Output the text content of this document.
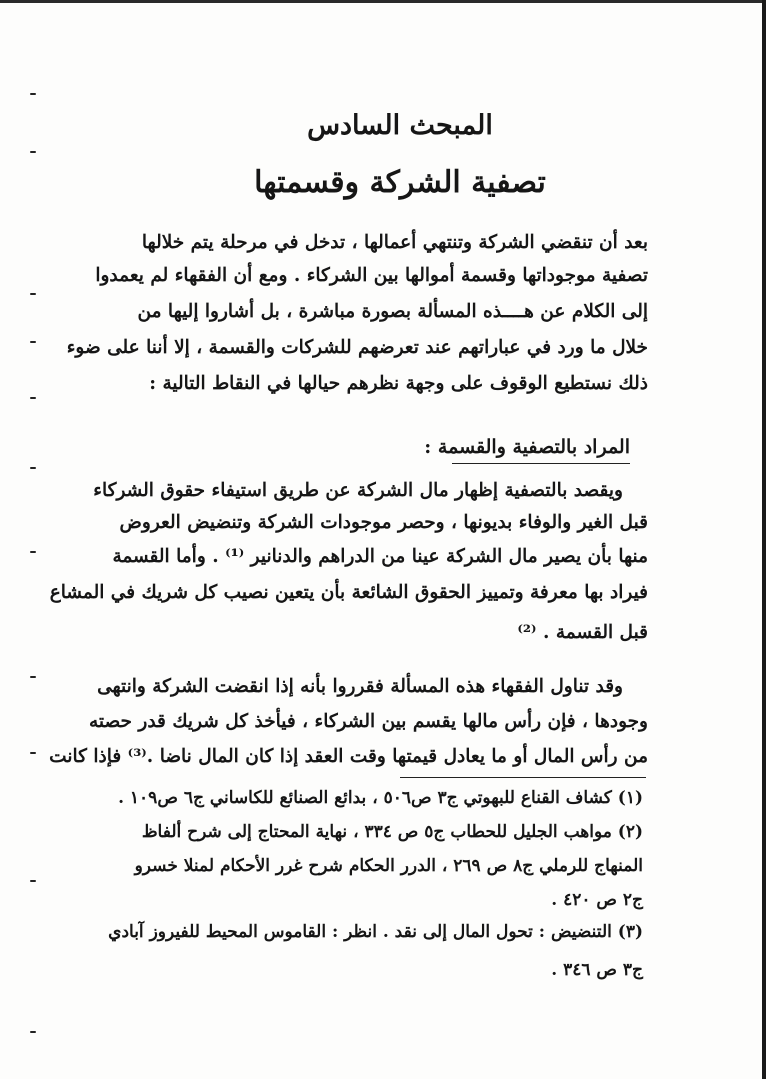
المبحث السادس
تصفية الشركة وقسمتها
بعد أن تنقضي الشركة وتنتهي أعمالها ، تدخل في مرحلة يتم خلالها
تصفية موجوداتها وقسمة أموالها بين الشركاء . ومع أن الفقهاء لم يعمدوا
إلى الكلام عن هــــذه المسألة بصورة مباشرة ، بل أشاروا إليها من
خلال ما ورد في عباراتهم عند تعرضهم للشركات والقسمة ، إلا أننا على ضوء
ذلك نستطيع الوقوف على وجهة نظرهم حيالها في النقاط التالية :
المراد بالتصفية والقسمة :
ويقصد بالتصفية إظهار مال الشركة عن طريق استيفاء حقوق الشركاء
قبل الغير والوفاء بديونها ، وحصر موجودات الشركة وتنضيض العروض
منها بأن يصير مال الشركة عينا من الدراهم والدنانير ⁽¹⁾ . وأما القسمة
فيراد بها معرفة وتمييز الحقوق الشائعة بأن يتعين نصيب كل شريك في المشاع
قبل القسمة . ⁽²⁾
وقد تناول الفقهاء هذه المسألة فقرروا بأنه إذا انقضت الشركة وانتهى
وجودها ، فإن رأس مالها يقسم بين الشركاء ، فيأخذ كل شريك قدر حصته
من رأس المال أو ما يعادل قيمتها وقت العقد إذا كان المال ناضا .⁽³⁾ فإذا كانت
(١) كشاف القناع للبهوتي ج٣ ص٥٠٦ ، بدائع الصنائع للكاساني ج٦ ص١٠٩ .
(٢) مواهب الجليل للحطاب ج٥ ص ٣٣٤ ، نهاية المحتاج إلى شرح ألفاظ
المنهاج للرملي ج٨ ص ٢٦٩ ، الدرر الحكام شرح غرر الأحكام لمنلا خسرو
ج٢ ص ٤٢٠ .
(٣) التنضيض : تحول المال إلى نقد . انظر : القاموس المحيط للفيروز آبادي
ج٣ ص ٣٤٦ .
